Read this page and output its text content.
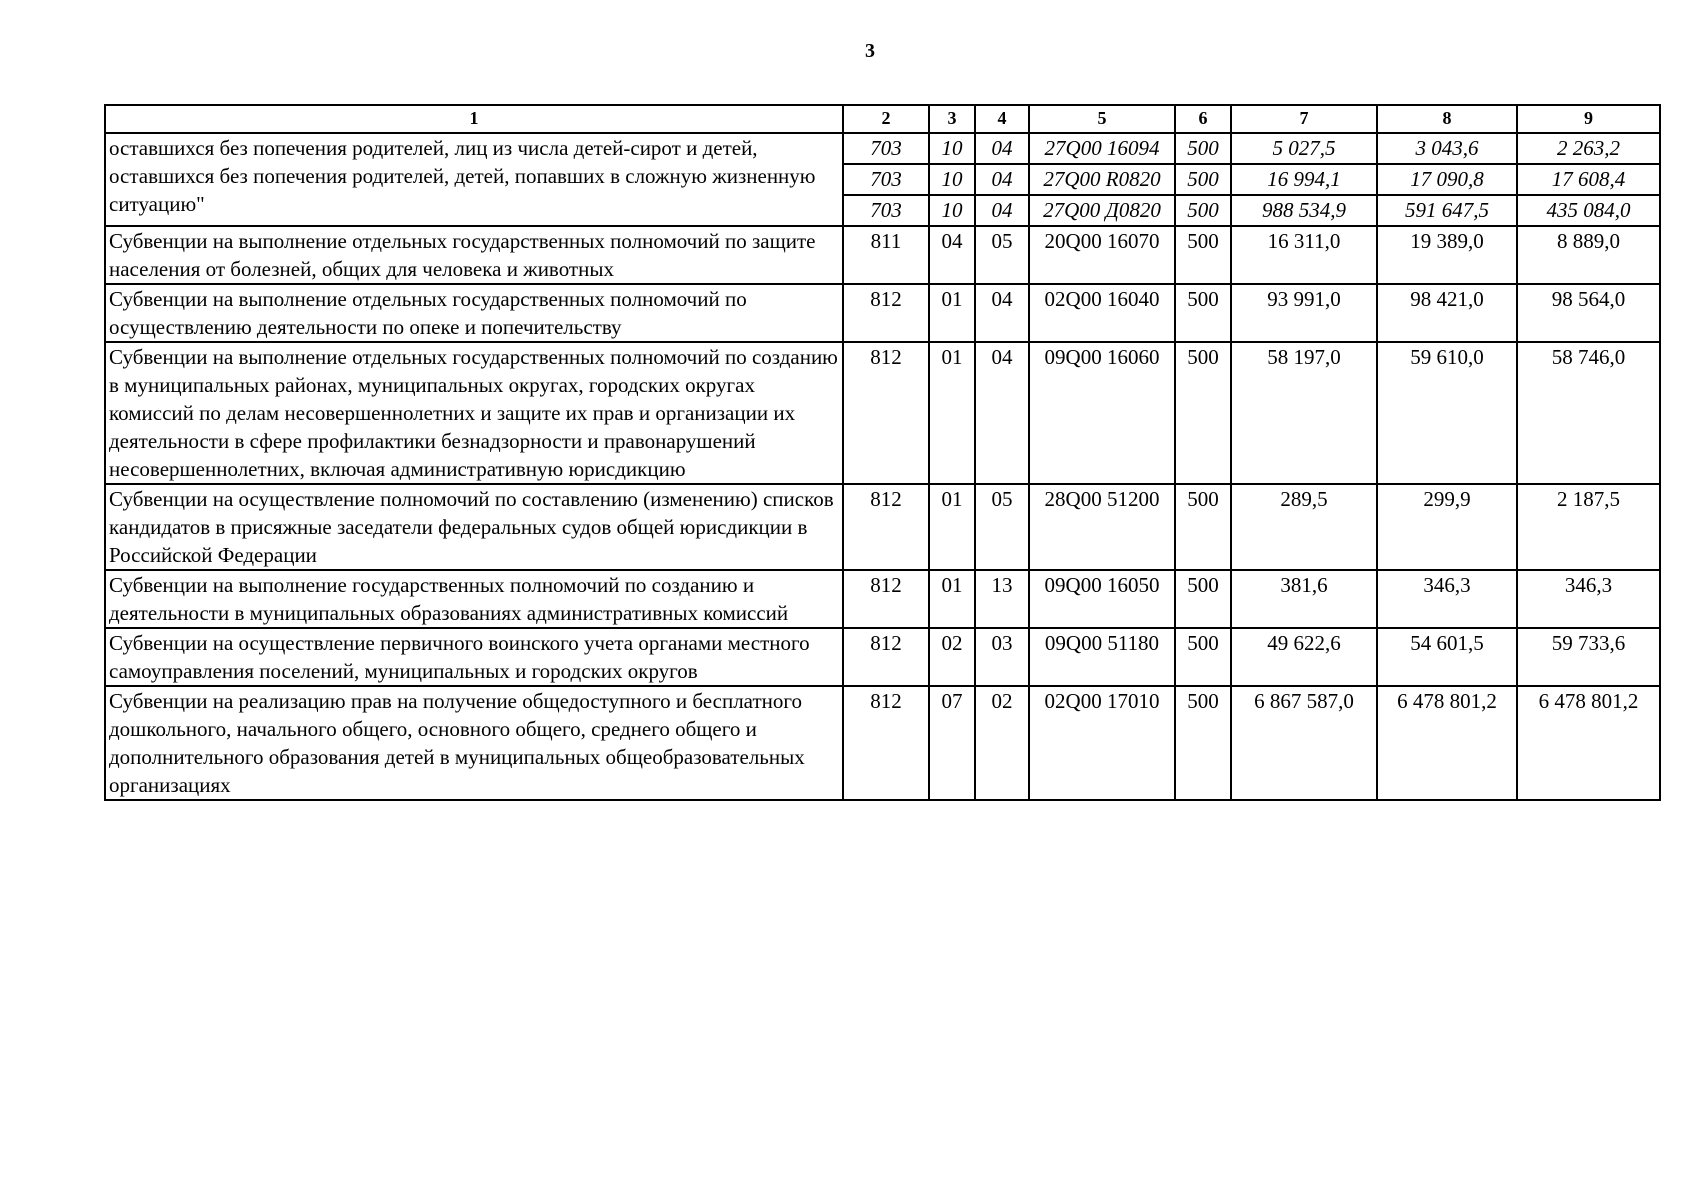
3
1	2	3	4	5	6	7	8	9
оставшихся без попечения родителей, лиц из числа детей-сирот и детей, оставшихся без попечения родителей, детей, попавших в сложную жизненную ситуацию"	703	10	04	27Q00 16094	500	5 027,5	3 043,6	2 263,2
	703	10	04	27Q00 R0820	500	16 994,1	17 090,8	17 608,4
	703	10	04	27Q00 Д0820	500	988 534,9	591 647,5	435 084,0
Субвенции на выполнение отдельных государственных полномочий по защите населения от болезней, общих для человека и животных	811	04	05	20Q00 16070	500	16 311,0	19 389,0	8 889,0
Субвенции на выполнение отдельных государственных полномочий по осуществлению деятельности по опеке и попечительству	812	01	04	02Q00 16040	500	93 991,0	98 421,0	98 564,0
Субвенции на выполнение отдельных государственных полномочий по созданию в муниципальных районах, муниципальных округах, городских округах комиссий по делам несовершеннолетних и защите их прав и организации их деятельности в сфере профилактики безнадзорности и правонарушений несовершеннолетних, включая административную юрисдикцию	812	01	04	09Q00 16060	500	58 197,0	59 610,0	58 746,0
Субвенции на осуществление полномочий по составлению (изменению) списков кандидатов в присяжные заседатели федеральных судов общей юрисдикции в Российской Федерации	812	01	05	28Q00 51200	500	289,5	299,9	2 187,5
Субвенции на выполнение государственных полномочий по созданию и деятельности в муниципальных образованиях административных комиссий	812	01	13	09Q00 16050	500	381,6	346,3	346,3
Субвенции на осуществление первичного воинского учета органами местного самоуправления поселений, муниципальных и городских округов	812	02	03	09Q00 51180	500	49 622,6	54 601,5	59 733,6
Субвенции на реализацию прав на получение общедоступного и бесплатного дошкольного, начального общего, основного общего, среднего общего и дополнительного образования детей в муниципальных общеобразовательных организациях	812	07	02	02Q00 17010	500	6 867 587,0	6 478 801,2	6 478 801,2
